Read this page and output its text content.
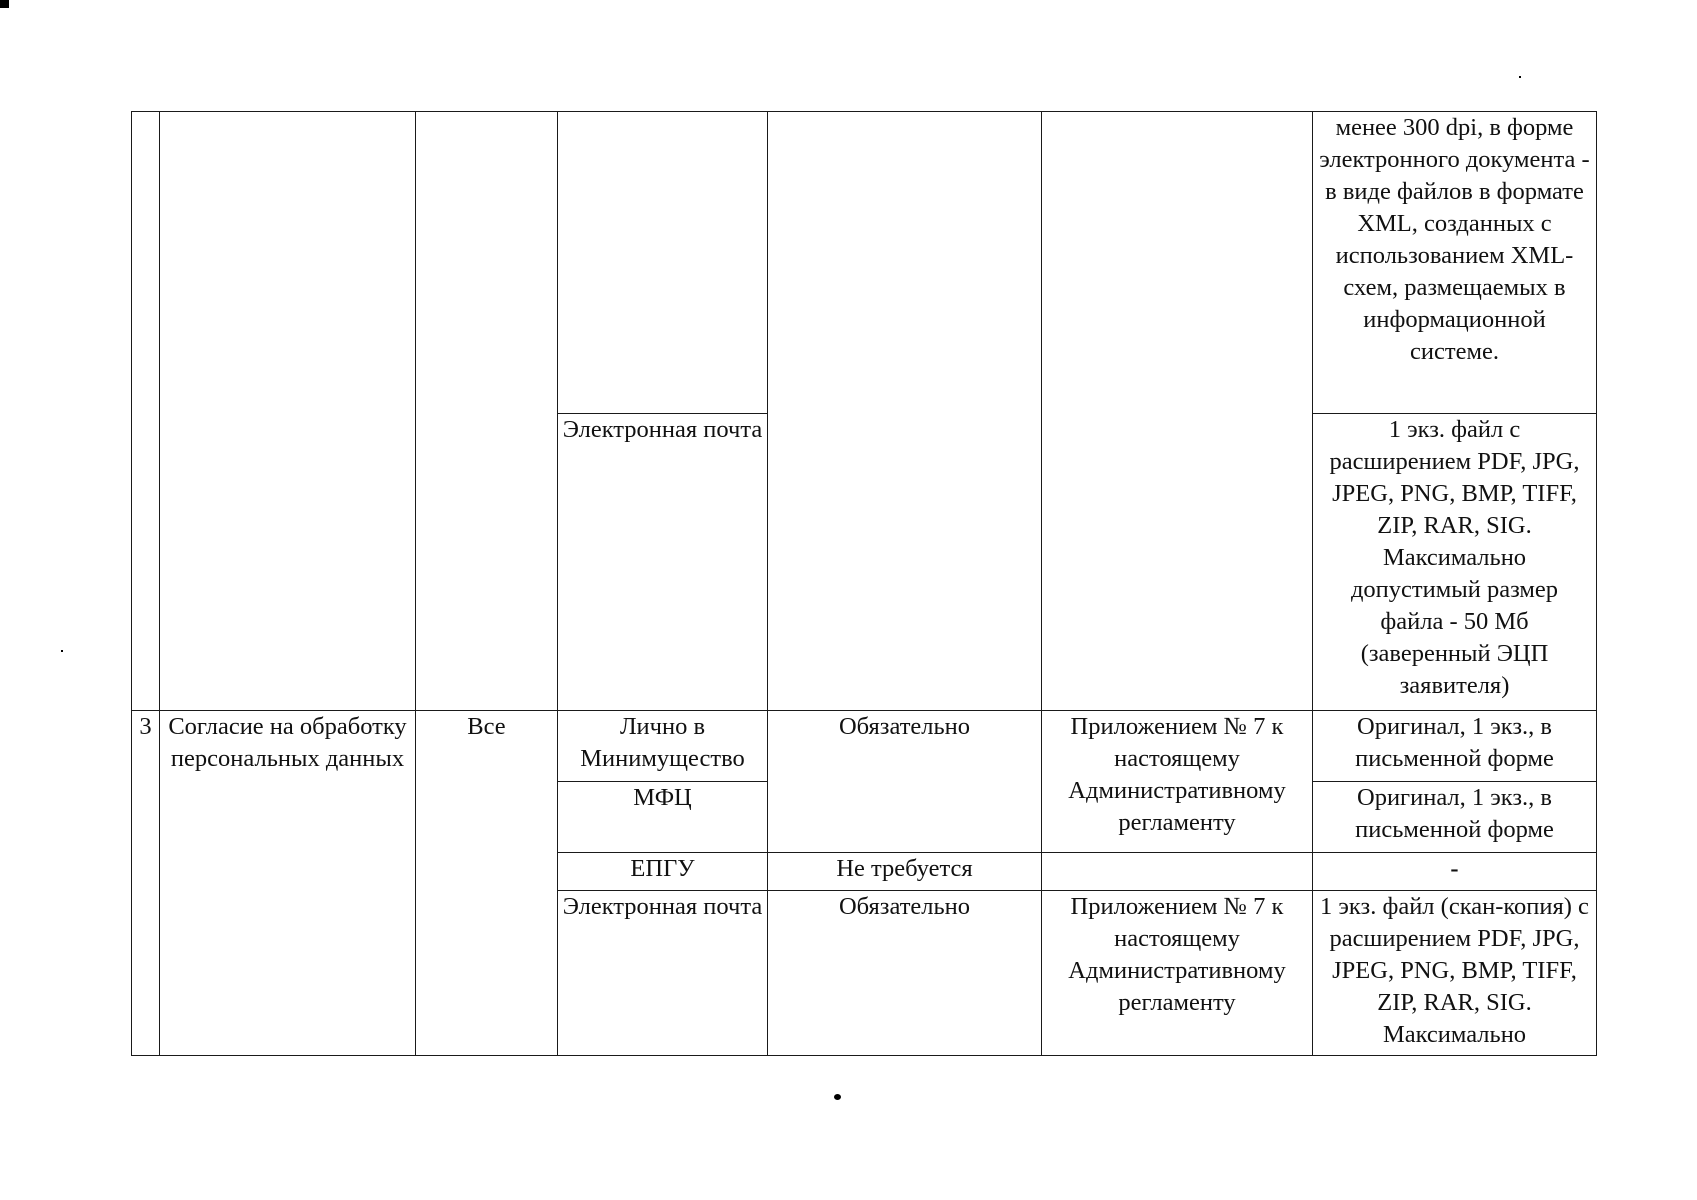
						менее 300 dpi, в форме электронного документа - в виде файлов в формате XML, созданных с использованием XML-схем, размещаемых в информационной системе.
			Электронная почта			1 экз. файл с расширением PDF, JPG, JPEG, PNG, BMP, TIFF, ZIP, RAR, SIG. Максимально допустимый размер файла - 50 Мб (заверенный ЭЦП заявителя)
3	Согласие на обработку персональных данных	Все	Лично в Минимущество	Обязательно	Приложением № 7 к настоящему Административному регламенту	Оригинал, 1 экз., в письменной форме
			МФЦ			Оригинал, 1 экз., в письменной форме
			ЕПГУ	Не требуется		-
			Электронная почта	Обязательно	Приложением № 7 к настоящему Административному регламенту	1 экз. файл (скан-копия) с расширением PDF, JPG, JPEG, PNG, BMP, TIFF, ZIP, RAR, SIG. Максимально
